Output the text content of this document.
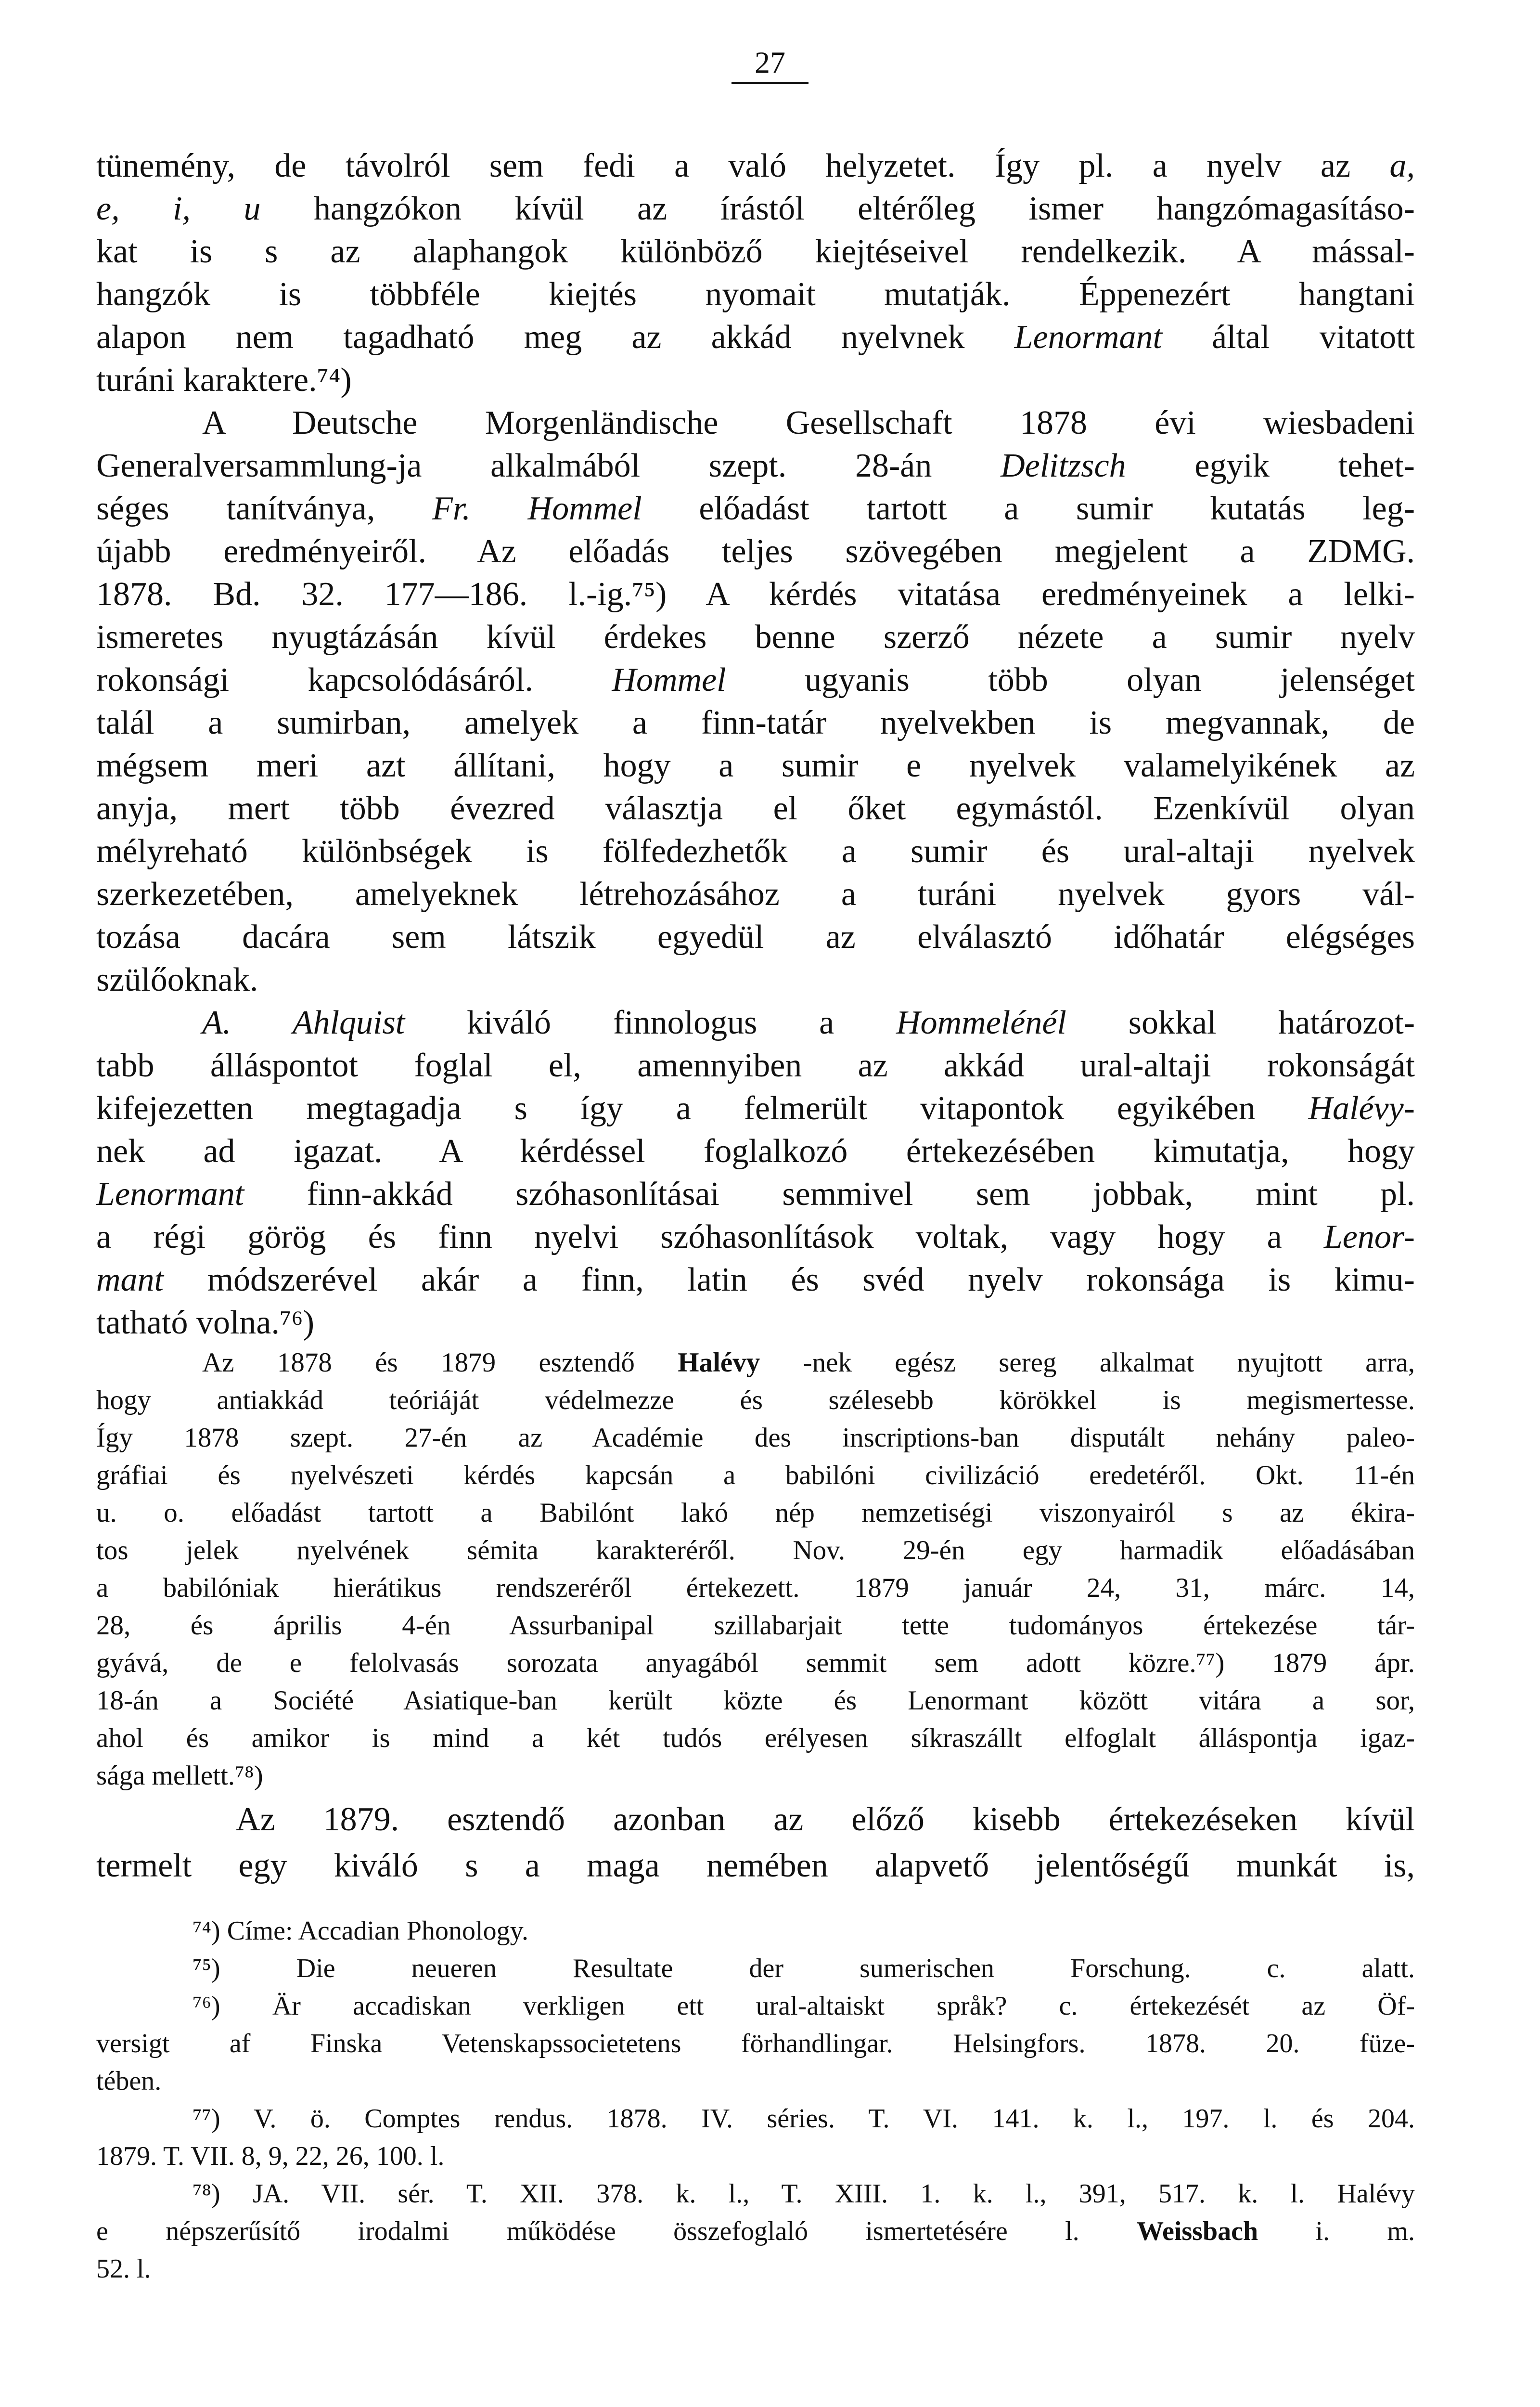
27
tünemény, de távolról sem fedi a való helyzetet. Így pl. a nyelv az a,
e, i, u hangzókon kívül az írástól eltérőleg ismer hangzómagasításo-
kat is s az alaphangok különböző kiejtéseivel rendelkezik. A mással-
hangzók is többféle kiejtés nyomait mutatják. Éppenezért hangtani
alapon nem tagadható meg az akkád nyelvnek Lenormant által vitatott
turáni karaktere.⁷⁴)
A Deutsche Morgenländische Gesellschaft 1878 évi wiesbadeni
Generalversammlung-ja alkalmából szept. 28-án Delitzsch egyik tehet-
séges tanítványa, Fr. Hommel előadást tartott a sumir kutatás leg-
újabb eredményeiről. Az előadás teljes szövegében megjelent a ZDMG.
1878. Bd. 32. 177—186. l.-ig.⁷⁵) A kérdés vitatása eredményeinek a lelki-
ismeretes nyugtázásán kívül érdekes benne szerző nézete a sumir nyelv
rokonsági kapcsolódásáról. Hommel ugyanis több olyan jelenséget
talál a sumirban, amelyek a finn-tatár nyelvekben is megvannak, de
mégsem meri azt állítani, hogy a sumir e nyelvek valamelyikének az
anyja, mert több évezred választja el őket egymástól. Ezenkívül olyan
mélyreható különbségek is fölfedezhetők a sumir és ural-altaji nyelvek
szerkezetében, amelyeknek létrehozásához a turáni nyelvek gyors vál-
tozása dacára sem látszik egyedül az elválasztó időhatár elégséges
szülőoknak.
A. Ahlquist kiváló finnologus a Hommelénél sokkal határozot-
tabb álláspontot foglal el, amennyiben az akkád ural-altaji rokonságát
kifejezetten megtagadja s így a felmerült vitapontok egyikében Halévy-
nek ad igazat. A kérdéssel foglalkozó értekezésében kimutatja, hogy
Lenormant finn-akkád szóhasonlításai semmivel sem jobbak, mint pl.
a régi görög és finn nyelvi szóhasonlítások voltak, vagy hogy a Lenor-
mant módszerével akár a finn, latin és svéd nyelv rokonsága is kimu-
tatható volna.⁷⁶)
Az 1878 és 1879 esztendő Halévy -nek egész sereg alkalmat nyujtott arra,
hogy antiakkád teóriáját védelmezze és szélesebb körökkel is megismertesse.
Így 1878 szept. 27-én az Académie des inscriptions-ban disputált nehány paleo-
gráfiai és nyelvészeti kérdés kapcsán a babilóni civilizáció eredetéről. Okt. 11-én
u. o. előadást tartott a Babilónt lakó nép nemzetiségi viszonyairól s az ékira-
tos jelek nyelvének sémita karakteréről. Nov. 29-én egy harmadik előadásában
a babilóniak hierátikus rendszeréről értekezett. 1879 január 24, 31, márc. 14,
28, és április 4-én Assurbanipal szillabarjait tette tudományos értekezése tár-
gyává, de e felolvasás sorozata anyagából semmit sem adott közre.⁷⁷) 1879 ápr.
18-án a Société Asiatique-ban került közte és Lenormant között vitára a sor,
ahol és amikor is mind a két tudós erélyesen síkraszállt elfoglalt álláspontja igaz-
sága mellett.⁷⁸)
Az 1879. esztendő azonban az előző kisebb értekezéseken kívül
termelt egy kiváló s a maga nemében alapvető jelentőségű munkát is,
⁷⁴) Címe: Accadian Phonology.
⁷⁵) Die neueren Resultate der sumerischen Forschung. c. alatt.
⁷⁶) Är accadiskan verkligen ett ural-altaiskt språk? c. értekezését az Öf-
versigt af Finska Vetenskapssocietetens förhandlingar. Helsingfors. 1878. 20. füze-
tében.
⁷⁷) V. ö. Comptes rendus. 1878. IV. séries. T. VI. 141. k. l., 197. l. és 204.
1879. T. VII. 8, 9, 22, 26, 100. l.
⁷⁸) JA. VII. sér. T. XII. 378. k. l., T. XIII. 1. k. l., 391, 517. k. l. Halévy
e népszerűsítő irodalmi működése összefoglaló ismertetésére l. Weissbach i. m.
52. l.
